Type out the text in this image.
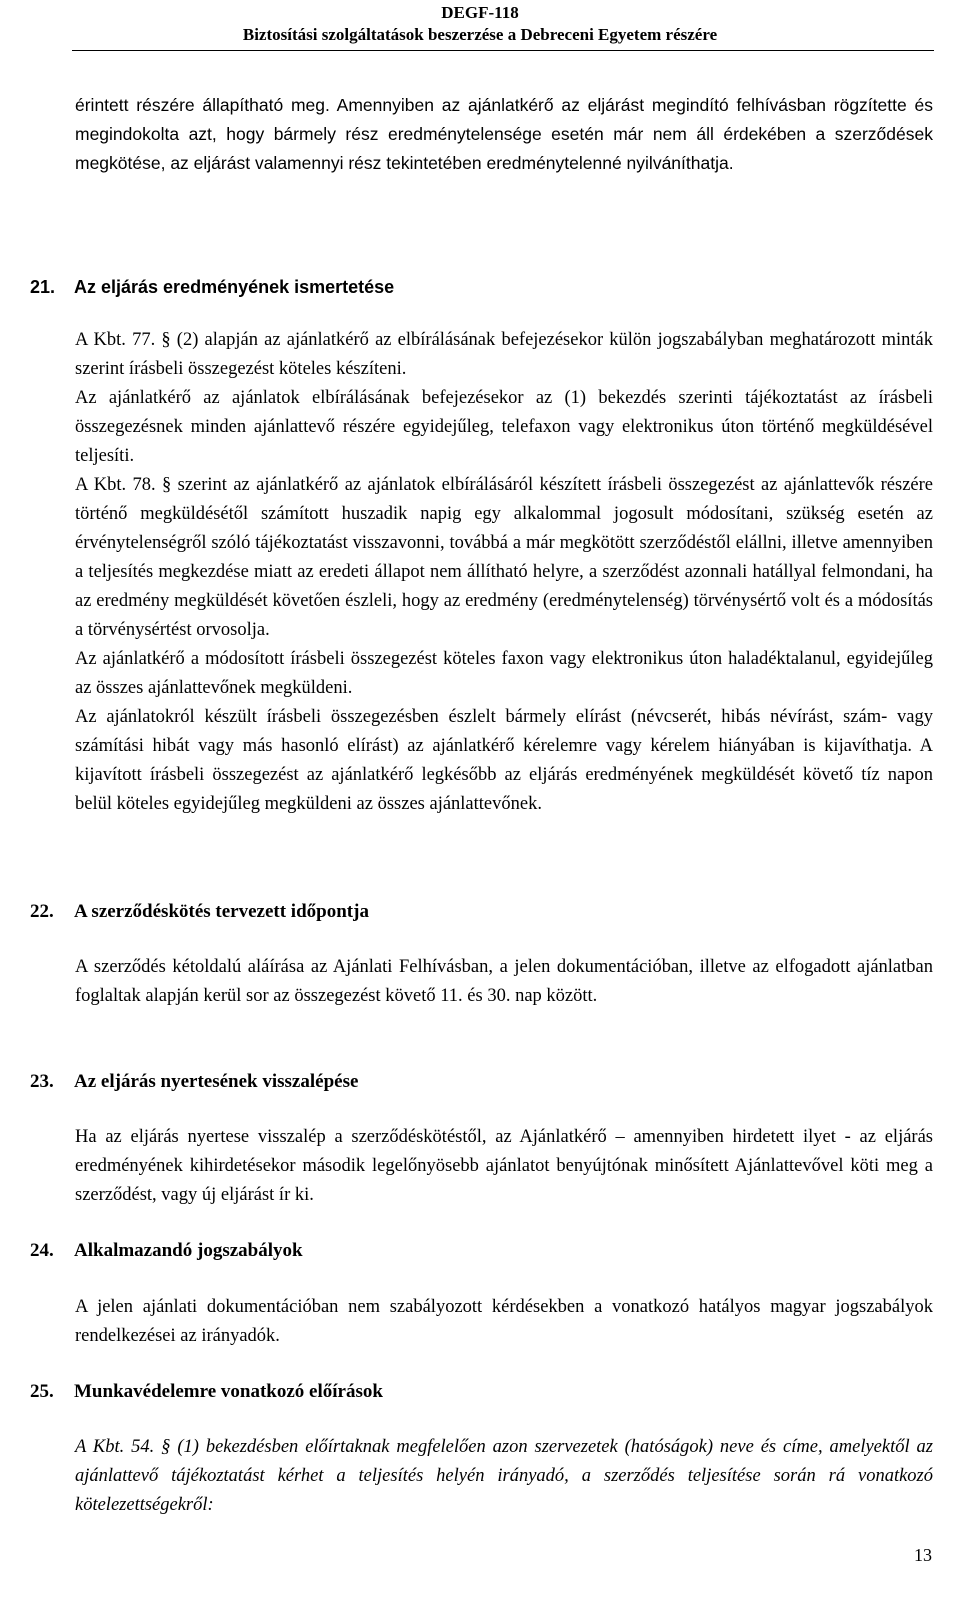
DEGF-118
Biztosítási szolgáltatások beszerzése a Debreceni Egyetem részére

érintett részére állapítható meg. Amennyiben az ajánlatkérő az eljárást megindító felhívásban rögzítette és megindokolta azt, hogy bármely rész eredménytelensége esetén már nem áll érdekében a szerződések megkötése, az eljárást valamennyi rész tekintetében eredménytelenné nyilváníthatja.

21. Az eljárás eredményének ismertetése

A Kbt. 77. § (2) alapján az ajánlatkérő az elbírálásának befejezésekor külön jogszabályban meghatározott minták szerint írásbeli összegezést köteles készíteni.

Az ajánlatkérő az ajánlatok elbírálásának befejezésekor az (1) bekezdés szerinti tájékoztatást az írásbeli összegezésnek minden ajánlattevő részére egyidejűleg, telefaxon vagy elektronikus úton történő megküldésével teljesíti.

A Kbt. 78. § szerint az ajánlatkérő az ajánlatok elbírálásáról készített írásbeli összegezést az ajánlattevők részére történő megküldésétől számított huszadik napig egy alkalommal jogosult módosítani, szükség esetén az érvénytelenségről szóló tájékoztatást visszavonni, továbbá a már megkötött szerződéstől elállni, illetve amennyiben a teljesítés megkezdése miatt az eredeti állapot nem állítható helyre, a szerződést azonnali hatállyal felmondani, ha az eredmény megküldését követően észleli, hogy az eredmény (eredménytelenség) törvénysértő volt és a módosítás a törvénysértést orvosolja.

Az ajánlatkérő a módosított írásbeli összegezést köteles faxon vagy elektronikus úton haladéktalanul, egyidejűleg az összes ajánlattevőnek megküldeni.

Az ajánlatokról készült írásbeli összegezésben észlelt bármely elírást (névcserét, hibás névírást, szám- vagy számítási hibát vagy más hasonló elírást) az ajánlatkérő kérelemre vagy kérelem hiányában is kijavíthatja. A kijavított írásbeli összegezést az ajánlatkérő legkésőbb az eljárás eredményének megküldését követő tíz napon belül köteles egyidejűleg megküldeni az összes ajánlattevőnek.

22. A szerződéskötés tervezett időpontja

A szerződés kétoldalú aláírása az Ajánlati Felhívásban, a jelen dokumentációban, illetve az elfogadott ajánlatban foglaltak alapján kerül sor az összegezést követő 11. és 30. nap között.

23. Az eljárás nyertesének visszalépése

Ha az eljárás nyertese visszalép a szerződéskötéstől, az Ajánlatkérő – amennyiben hirdetett ilyet - az eljárás eredményének kihirdetésekor második legelőnyösebb ajánlatot benyújtónak minősített Ajánlattevővel köti meg a szerződést, vagy új eljárást ír ki.

24. Alkalmazandó jogszabályok

A jelen ajánlati dokumentációban nem szabályozott kérdésekben a vonatkozó hatályos magyar jogszabályok rendelkezései az irányadók.

25. Munkavédelemre vonatkozó előírások

A Kbt. 54. § (1) bekezdésben előírtaknak megfelelően azon szervezetek (hatóságok) neve és címe, amelyektől az ajánlattevő tájékoztatást kérhet a teljesítés helyén irányadó, a szerződés teljesítése során rá vonatkozó kötelezettségekről:

13
